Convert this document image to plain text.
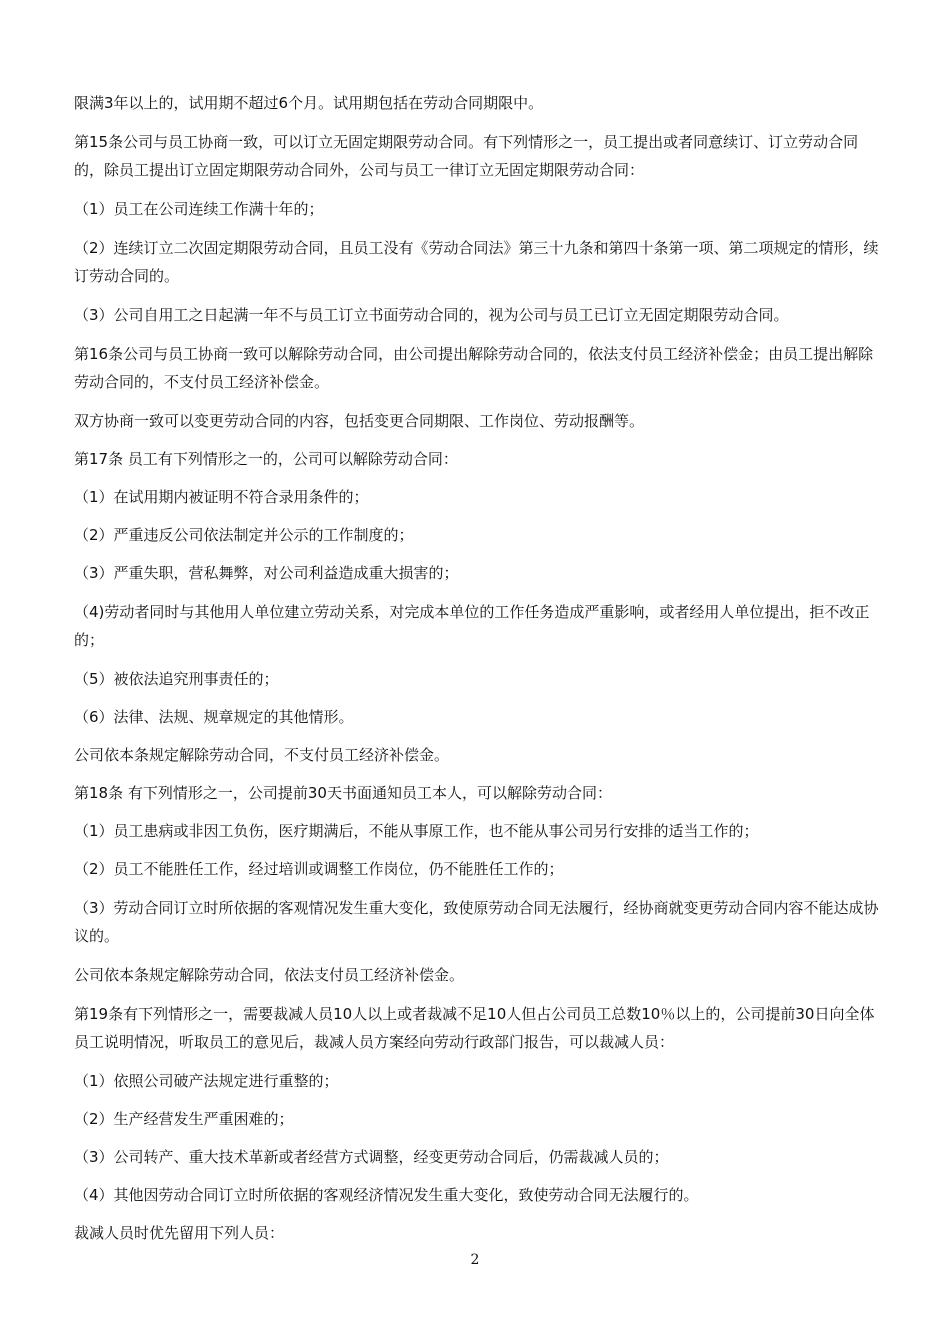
限满3年以上的，试用期不超过6个月。试用期包括在劳动合同期限中。

第15条公司与员工协商一致，可以订立无固定期限劳动合同。有下列情形之一，员工提出或者同意续订、订立劳动合同的，除员工提出订立固定期限劳动合同外，公司与员工一律订立无固定期限劳动合同：

（1）员工在公司连续工作满十年的；

（2）连续订立二次固定期限劳动合同，且员工没有《劳动合同法》第三十九条和第四十条第一项、第二项规定的情形，续订劳动合同的。

（3）公司自用工之日起满一年不与员工订立书面劳动合同的，视为公司与员工已订立无固定期限劳动合同。

第16条公司与员工协商一致可以解除劳动合同，由公司提出解除劳动合同的，依法支付员工经济补偿金；由员工提出解除劳动合同的，不支付员工经济补偿金。

双方协商一致可以变更劳动合同的内容，包括变更合同期限、工作岗位、劳动报酬等。

第17条 员工有下列情形之一的，公司可以解除劳动合同：

（1）在试用期内被证明不符合录用条件的；

（2）严重违反公司依法制定并公示的工作制度的；

（3）严重失职，营私舞弊，对公司利益造成重大损害的；

（4)劳动者同时与其他用人单位建立劳动关系，对完成本单位的工作任务造成严重影响，或者经用人单位提出，拒不改正的；

（5）被依法追究刑事责任的；

（6）法律、法规、规章规定的其他情形。

公司依本条规定解除劳动合同，不支付员工经济补偿金。

第18条 有下列情形之一，公司提前30天书面通知员工本人，可以解除劳动合同：

（1）员工患病或非因工负伤，医疗期满后，不能从事原工作，也不能从事公司另行安排的适当工作的；

（2）员工不能胜任工作，经过培训或调整工作岗位，仍不能胜任工作的；

（3）劳动合同订立时所依据的客观情况发生重大变化，致使原劳动合同无法履行，经协商就变更劳动合同内容不能达成协议的。

公司依本条规定解除劳动合同，依法支付员工经济补偿金。

第19条有下列情形之一，需要裁减人员10人以上或者裁减不足10人但占公司员工总数10％以上的，公司提前30日向全体员工说明情况，听取员工的意见后，裁减人员方案经向劳动行政部门报告，可以裁减人员：

（1）依照公司破产法规定进行重整的；

（2）生产经营发生严重困难的；

（3）公司转产、重大技术革新或者经营方式调整，经变更劳动合同后，仍需裁减人员的；

（4）其他因劳动合同订立时所依据的客观经济情况发生重大变化，致使劳动合同无法履行的。

裁减人员时优先留用下列人员：

2
